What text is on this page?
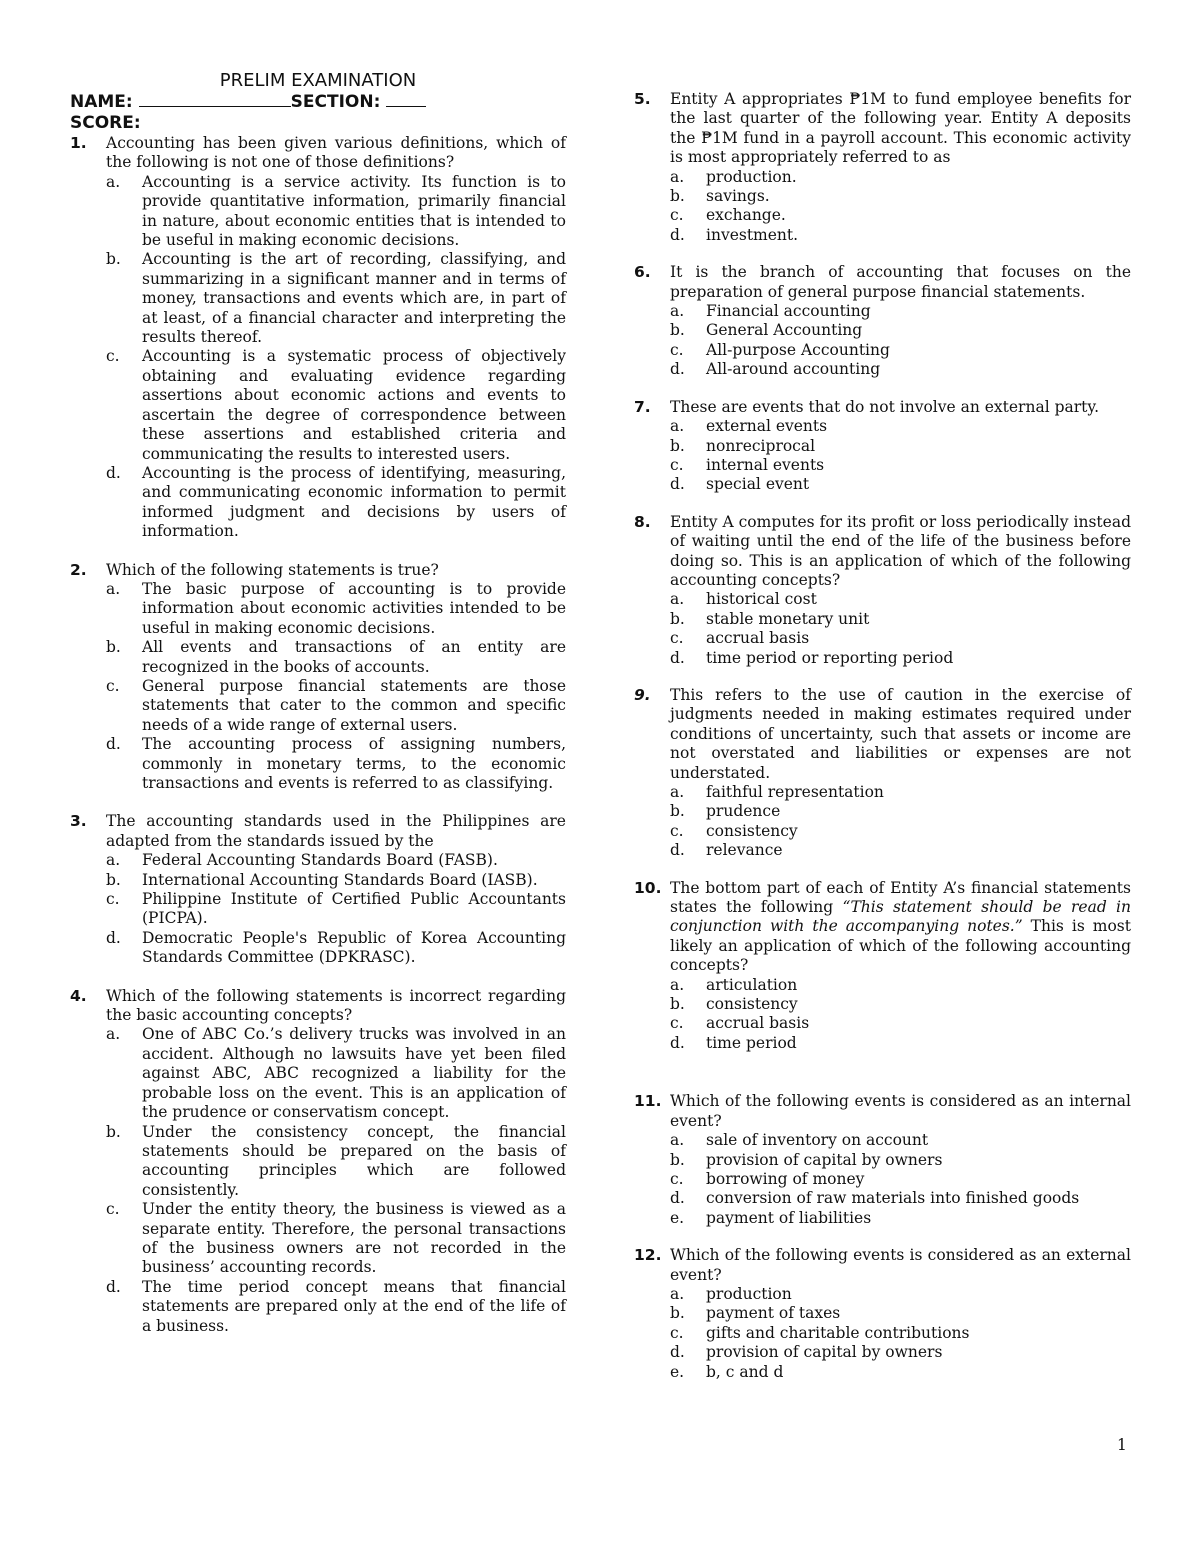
PRELIM EXAMINATION
NAME:	SECTION:
SCORE:
1.	Accounting has been given various definitions, which of the following is not one of those definitions?
a.	Accounting is a service activity. Its function is to provide quantitative information, primarily financial in nature, about economic entities that is intended to be useful in making economic decisions.
b.	Accounting is the art of recording, classifying, and summarizing in a significant manner and in terms of money, transactions and events which are, in part of at least, of a financial character and interpreting the results thereof.
c.	Accounting is a systematic process of objectively obtaining and evaluating evidence regarding assertions about economic actions and events to ascertain the degree of correspondence between these assertions and established criteria and communicating the results to interested users.
d.	Accounting is the process of identifying, measuring, and communicating economic information to permit informed judgment and decisions by users of information.
2.	Which of the following statements is true?
a.	The basic purpose of accounting is to provide information about economic activities intended to be useful in making economic decisions.
b.	All events and transactions of an entity are recognized in the books of accounts.
c.	General purpose financial statements are those statements that cater to the common and specific needs of a wide range of external users.
d.	The accounting process of assigning numbers, commonly in monetary terms, to the economic transactions and events is referred to as classifying.
3.	The accounting standards used in the Philippines are adapted from the standards issued by the
a.	Federal Accounting Standards Board (FASB).
b.	International Accounting Standards Board (IASB).
c.	Philippine Institute of Certified Public Accountants (PICPA).
d.	Democratic People's Republic of Korea Accounting Standards Committee (DPKRASC).
4.	Which of the following statements is incorrect regarding the basic accounting concepts?
a.	One of ABC Co.’s delivery trucks was involved in an accident. Although no lawsuits have yet been filed against ABC, ABC recognized a liability for the probable loss on the event. This is an application of the prudence or conservatism concept.
b.	Under the consistency concept, the financial statements should be prepared on the basis of accounting principles which are followed consistently.
c.	Under the entity theory, the business is viewed as a separate entity. Therefore, the personal transactions of the business owners are not recorded in the business’ accounting records.
d.	The time period concept means that financial statements are prepared only at the end of the life of a business.
5.	Entity A appropriates ₱1M to fund employee benefits for the last quarter of the following year. Entity A deposits the ₱1M fund in a payroll account. This economic activity is most appropriately referred to as
a.	production.
b.	savings.
c.	exchange.
d.	investment.
6.	It is the branch of accounting that focuses on the preparation of general purpose financial statements.
a.	Financial accounting
b.	General Accounting
c.	All-purpose Accounting
d.	All-around accounting
7.	These are events that do not involve an external party.
a.	external events
b.	nonreciprocal
c.	internal events
d.	special event
8.	Entity A computes for its profit or loss periodically instead of waiting until the end of the life of the business before doing so. This is an application of which of the following accounting concepts?
a.	historical cost
b.	stable monetary unit
c.	accrual basis
d.	time period or reporting period
9.	This refers to the use of caution in the exercise of judgments needed in making estimates required under conditions of uncertainty, such that assets or income are not overstated and liabilities or expenses are not understated.
a.	faithful representation
b.	prudence
c.	consistency
d.	relevance
10. The bottom part of each of Entity A’s financial statements states the following “This statement should be read in conjunction with the accompanying notes.” This is most likely an application of which of the following accounting concepts?
a.	articulation
b.	consistency
c.	accrual basis
d.	time period
11. Which of the following events is considered as an internal event?
a.	sale of inventory on account
b.	provision of capital by owners
c.	borrowing of money
d.	conversion of raw materials into finished goods
e.	payment of liabilities
12. Which of the following events is considered as an external event?
a.	production
b.	payment of taxes
c.	gifts and charitable contributions
d.	provision of capital by owners
e.	b, c and d
1
